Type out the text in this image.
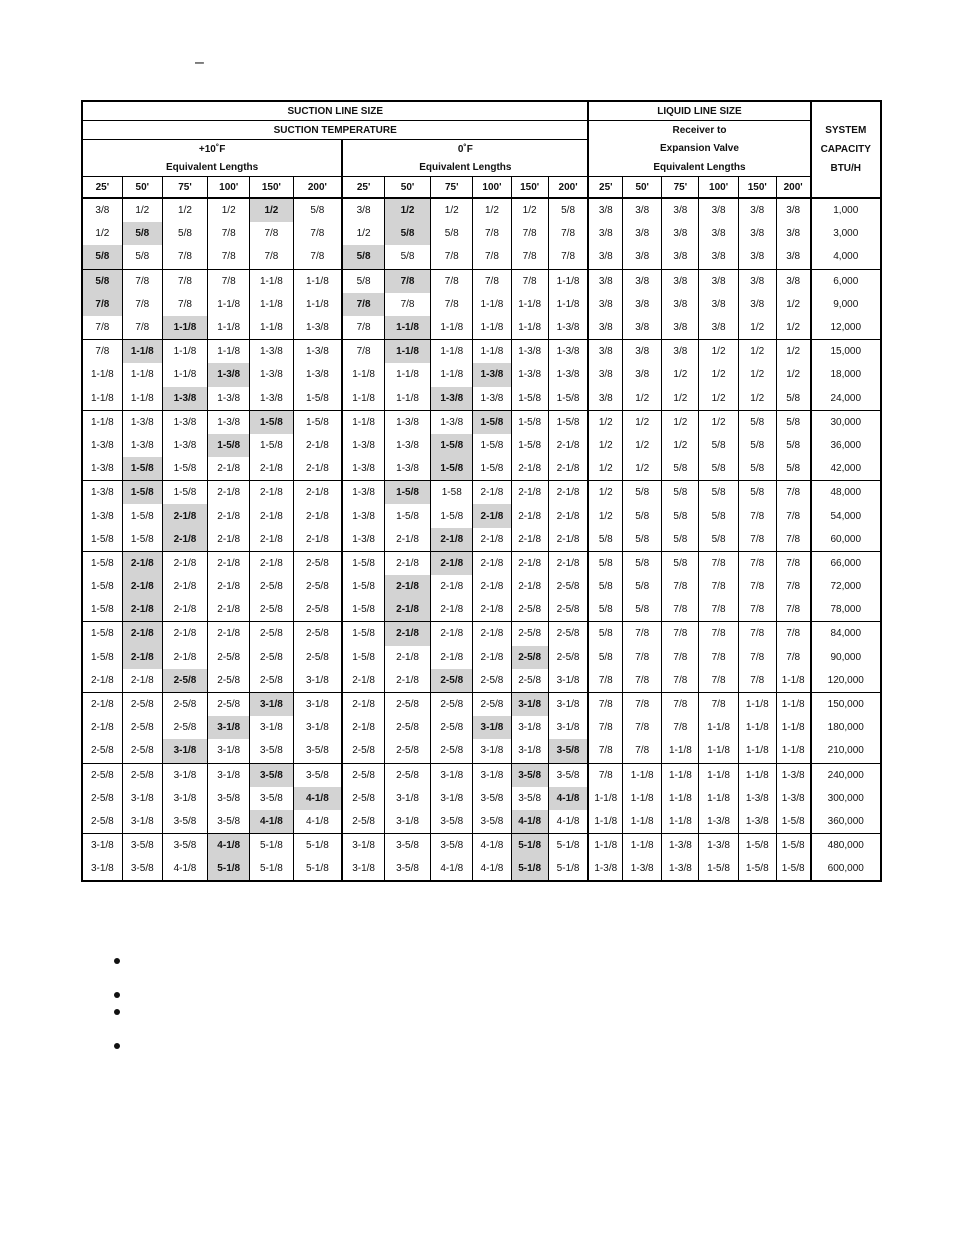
–
SUCTION LINE SIZE												LIQUID LINE SIZE						SYSTEM
CAPACITY
BTU/H

SUCTION TEMPERATURE												Receiver to						
+10˚F						0˚F						Expansion Valve						
Equivalent Lengths						Equivalent Lengths						Equivalent Lengths						
25'	50'	75'	100'	150'	200'	25'	50'	75'	100'	150'	200'	25'	50'	75'	100'	150'	200'	
3/8	1/2	1/2	1/2	1/2	5/8	3/8	1/2	1/2	1/2	1/2	5/8	3/8	3/8	3/8	3/8	3/8	3/8	1,000
1/2	5/8	5/8	7/8	7/8	7/8	1/2	5/8	5/8	7/8	7/8	7/8	3/8	3/8	3/8	3/8	3/8	3/8	3,000
5/8	5/8	7/8	7/8	7/8	7/8	5/8	5/8	7/8	7/8	7/8	7/8	3/8	3/8	3/8	3/8	3/8	3/8	4,000
5/8	7/8	7/8	7/8	1-1/8	1-1/8	5/8	7/8	7/8	7/8	7/8	1-1/8	3/8	3/8	3/8	3/8	3/8	3/8	6,000
7/8	7/8	7/8	1-1/8	1-1/8	1-1/8	7/8	7/8	7/8	1-1/8	1-1/8	1-1/8	3/8	3/8	3/8	3/8	3/8	1/2	9,000
7/8	7/8	1-1/8	1-1/8	1-1/8	1-3/8	7/8	1-1/8	1-1/8	1-1/8	1-1/8	1-3/8	3/8	3/8	3/8	3/8	1/2	1/2	12,000
7/8	1-1/8	1-1/8	1-1/8	1-3/8	1-3/8	7/8	1-1/8	1-1/8	1-1/8	1-3/8	1-3/8	3/8	3/8	3/8	1/2	1/2	1/2	15,000
1-1/8	1-1/8	1-1/8	1-3/8	1-3/8	1-3/8	1-1/8	1-1/8	1-1/8	1-3/8	1-3/8	1-3/8	3/8	3/8	1/2	1/2	1/2	1/2	18,000
1-1/8	1-1/8	1-3/8	1-3/8	1-3/8	1-5/8	1-1/8	1-1/8	1-3/8	1-3/8	1-5/8	1-5/8	3/8	1/2	1/2	1/2	1/2	5/8	24,000
1-1/8	1-3/8	1-3/8	1-3/8	1-5/8	1-5/8	1-1/8	1-3/8	1-3/8	1-5/8	1-5/8	1-5/8	1/2	1/2	1/2	1/2	5/8	5/8	30,000
1-3/8	1-3/8	1-3/8	1-5/8	1-5/8	2-1/8	1-3/8	1-3/8	1-5/8	1-5/8	1-5/8	2-1/8	1/2	1/2	1/2	5/8	5/8	5/8	36,000
1-3/8	1-5/8	1-5/8	2-1/8	2-1/8	2-1/8	1-3/8	1-3/8	1-5/8	1-5/8	2-1/8	2-1/8	1/2	1/2	5/8	5/8	5/8	5/8	42,000
1-3/8	1-5/8	1-5/8	2-1/8	2-1/8	2-1/8	1-3/8	1-5/8	1-58	2-1/8	2-1/8	2-1/8	1/2	5/8	5/8	5/8	5/8	7/8	48,000
1-3/8	1-5/8	2-1/8	2-1/8	2-1/8	2-1/8	1-3/8	1-5/8	1-5/8	2-1/8	2-1/8	2-1/8	1/2	5/8	5/8	5/8	7/8	7/8	54,000
1-5/8	1-5/8	2-1/8	2-1/8	2-1/8	2-1/8	1-3/8	2-1/8	2-1/8	2-1/8	2-1/8	2-1/8	5/8	5/8	5/8	5/8	7/8	7/8	60,000
1-5/8	2-1/8	2-1/8	2-1/8	2-1/8	2-5/8	1-5/8	2-1/8	2-1/8	2-1/8	2-1/8	2-1/8	5/8	5/8	5/8	7/8	7/8	7/8	66,000
1-5/8	2-1/8	2-1/8	2-1/8	2-5/8	2-5/8	1-5/8	2-1/8	2-1/8	2-1/8	2-1/8	2-5/8	5/8	5/8	7/8	7/8	7/8	7/8	72,000
1-5/8	2-1/8	2-1/8	2-1/8	2-5/8	2-5/8	1-5/8	2-1/8	2-1/8	2-1/8	2-5/8	2-5/8	5/8	5/8	7/8	7/8	7/8	7/8	78,000
1-5/8	2-1/8	2-1/8	2-1/8	2-5/8	2-5/8	1-5/8	2-1/8	2-1/8	2-1/8	2-5/8	2-5/8	5/8	7/8	7/8	7/8	7/8	7/8	84,000
1-5/8	2-1/8	2-1/8	2-5/8	2-5/8	2-5/8	1-5/8	2-1/8	2-1/8	2-1/8	2-5/8	2-5/8	5/8	7/8	7/8	7/8	7/8	7/8	90,000
2-1/8	2-1/8	2-5/8	2-5/8	2-5/8	3-1/8	2-1/8	2-1/8	2-5/8	2-5/8	2-5/8	3-1/8	7/8	7/8	7/8	7/8	7/8	1-1/8	120,000
2-1/8	2-5/8	2-5/8	2-5/8	3-1/8	3-1/8	2-1/8	2-5/8	2-5/8	2-5/8	3-1/8	3-1/8	7/8	7/8	7/8	7/8	1-1/8	1-1/8	150,000
2-1/8	2-5/8	2-5/8	3-1/8	3-1/8	3-1/8	2-1/8	2-5/8	2-5/8	3-1/8	3-1/8	3-1/8	7/8	7/8	7/8	1-1/8	1-1/8	1-1/8	180,000
2-5/8	2-5/8	3-1/8	3-1/8	3-5/8	3-5/8	2-5/8	2-5/8	2-5/8	3-1/8	3-1/8	3-5/8	7/8	7/8	1-1/8	1-1/8	1-1/8	1-1/8	210,000
2-5/8	2-5/8	3-1/8	3-1/8	3-5/8	3-5/8	2-5/8	2-5/8	3-1/8	3-1/8	3-5/8	3-5/8	7/8	1-1/8	1-1/8	1-1/8	1-1/8	1-3/8	240,000
2-5/8	3-1/8	3-1/8	3-5/8	3-5/8	4-1/8	2-5/8	3-1/8	3-1/8	3-5/8	3-5/8	4-1/8	1-1/8	1-1/8	1-1/8	1-1/8	1-3/8	1-3/8	300,000
2-5/8	3-1/8	3-5/8	3-5/8	4-1/8	4-1/8	2-5/8	3-1/8	3-5/8	3-5/8	4-1/8	4-1/8	1-1/8	1-1/8	1-1/8	1-3/8	1-3/8	1-5/8	360,000
3-1/8	3-5/8	3-5/8	4-1/8	5-1/8	5-1/8	3-1/8	3-5/8	3-5/8	4-1/8	5-1/8	5-1/8	1-1/8	1-1/8	1-3/8	1-3/8	1-5/8	1-5/8	480,000
3-1/8	3-5/8	4-1/8	5-1/8	5-1/8	5-1/8	3-1/8	3-5/8	4-1/8	4-1/8	5-1/8	5-1/8	1-3/8	1-3/8	1-3/8	1-5/8	1-5/8	1-5/8	600,000
